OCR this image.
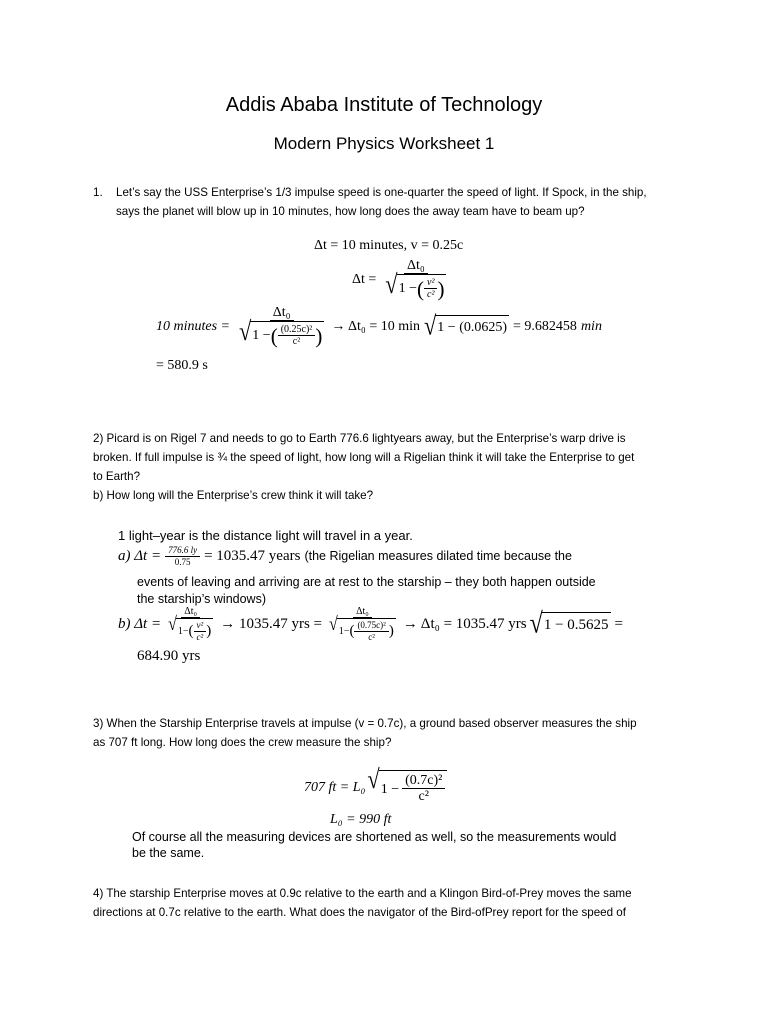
Addis Ababa Institute of Technology
Modern Physics Worksheet 1
1. Let’s say the USS Enterprise’s 1/3 impulse speed is one-quarter the speed of light. If Spock, in the ship,
says the planet will blow up in 10 minutes, how long does the away team have to beam up?
Δt = 10 minutes, v = 0.25c
$\Delta t = \frac{\text{Δt₀}}{√ 1 - ( \frac{\text{v²}}{\text{c²}} )}$
10 minutes =
Δt₀
√ 1 − ( $\frac{\text{(0.25c)²}}{\text{c²}}$ ) → Δt₀ = 10 min √ 1 − (0.0625) = 9.682458 min
= 580.9 s
2) Picard is on Rigel 7 and needs to go to Earth 776.6 lightyears away, but the Enterprise’s warp drive is
broken. If full impulse is ¾ the speed of light, how long will a Rigelian think it will take the Enterprise to get
to Earth?
b) How long will the Enterprise’s crew think it will take?
1 light–year is the distance light will travel in a year.
a) $\Delta t = \frac{776.6 ly}{0.75} = 1035.47$ years (the Rigelian measures dilated time because the
events of leaving and arriving are at rest to the starship – they both happen outside
the starship’s windows)
b) $\Delta t = \frac{\text{Δt₀}}{√ 1- ( \frac{\text{v²}}{\text{c²}} )} \to 1035.47$ yrs =
Δt₀
√ 1− ( $\frac{\text{(0.75c)²}}{\text{c²}}$ ) → Δt₀ = 1035.47 yrs √ 1 − 0.5625 =
684.90 yrs
3) When the Starship Enterprise travels at impulse (v = 0.7c), a ground based observer measures the ship
as 707 ft long. How long does the crew measure the ship?
707 ft = L₀ √ $1 - \frac{\text{(0.7c)²}}{\text{c²}}$
L₀ = 990 ft
Of course all the measuring devices are shortened as well, so the measurements would
be the same.
4) The starship Enterprise moves at 0.9c relative to the earth and a Klingon Bird-of-Prey moves the same
directions at 0.7c relative to the earth. What does the navigator of the Bird-ofPrey report for the speed of
